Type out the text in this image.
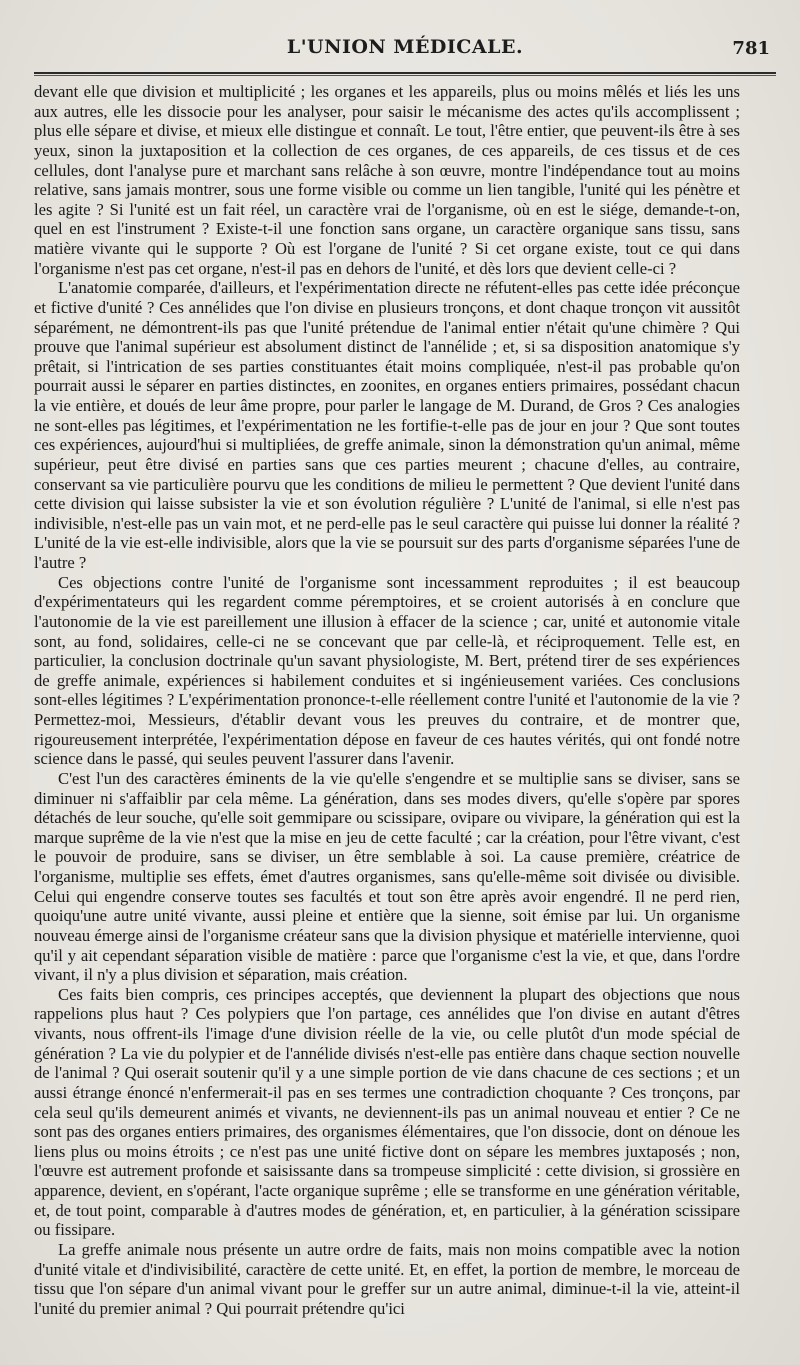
L'UNION MÉDICALE.	781

devant elle que division et multiplicité ; les organes et les appareils, plus ou moins mêlés et liés les uns aux autres, elle les dissocie pour les analyser, pour saisir le mécanisme des actes qu'ils accomplissent ; plus elle sépare et divise, et mieux elle distingue et connaît. Le tout, l'être entier, que peuvent-ils être à ses yeux, sinon la juxtaposition et la collection de ces organes, de ces appareils, de ces tissus et de ces cellules, dont l'analyse pure et marchant sans relâche à son œuvre, montre l'indépendance tout au moins relative, sans jamais montrer, sous une forme visible ou comme un lien tangible, l'unité qui les pénètre et les agite ? Si l'unité est un fait réel, un caractère vrai de l'organisme, où en est le siége, demande-t-on, quel en est l'instrument ? Existe-t-il une fonction sans organe, un caractère organique sans tissu, sans matière vivante qui le supporte ? Où est l'organe de l'unité ? Si cet organe existe, tout ce qui dans l'organisme n'est pas cet organe, n'est-il pas en dehors de l'unité, et dès lors que devient celle-ci ?

L'anatomie comparée, d'ailleurs, et l'expérimentation directe ne réfutent-elles pas cette idée préconçue et fictive d'unité ? Ces annélides que l'on divise en plusieurs tronçons, et dont chaque tronçon vit aussitôt séparément, ne démontrent-ils pas que l'unité prétendue de l'animal entier n'était qu'une chimère ? Qui prouve que l'animal supérieur est absolument distinct de l'annélide ; et, si sa disposition anatomique s'y prêtait, si l'intrication de ses parties constituantes était moins compliquée, n'est-il pas probable qu'on pourrait aussi le séparer en parties distinctes, en zoonites, en organes entiers primaires, possédant chacun la vie entière, et doués de leur âme propre, pour parler le langage de M. Durand, de Gros ? Ces analogies ne sont-elles pas légitimes, et l'expérimentation ne les fortifie-t-elle pas de jour en jour ? Que sont toutes ces expériences, aujourd'hui si multipliées, de greffe animale, sinon la démonstration qu'un animal, même supérieur, peut être divisé en parties sans que ces parties meurent ; chacune d'elles, au contraire, conservant sa vie particulière pourvu que les conditions de milieu le permettent ? Que devient l'unité dans cette division qui laisse subsister la vie et son évolution régulière ? L'unité de l'animal, si elle n'est pas indivisible, n'est-elle pas un vain mot, et ne perd-elle pas le seul caractère qui puisse lui donner la réalité ? L'unité de la vie est-elle indivisible, alors que la vie se poursuit sur des parts d'organisme séparées l'une de l'autre ?

Ces objections contre l'unité de l'organisme sont incessamment reproduites ; il est beaucoup d'expérimentateurs qui les regardent comme péremptoires, et se croient autorisés à en conclure que l'autonomie de la vie est pareillement une illusion à effacer de la science ; car, unité et autonomie vitale sont, au fond, solidaires, celle-ci ne se concevant que par celle-là, et réciproquement. Telle est, en particulier, la conclusion doctrinale qu'un savant physiologiste, M. Bert, prétend tirer de ses expériences de greffe animale, expériences si habilement conduites et si ingénieusement variées. Ces conclusions sont-elles légitimes ? L'expérimentation prononce-t-elle réellement contre l'unité et l'autonomie de la vie ? Permettez-moi, Messieurs, d'établir devant vous les preuves du contraire, et de montrer que, rigoureusement interprétée, l'expérimentation dépose en faveur de ces hautes vérités, qui ont fondé notre science dans le passé, qui seules peuvent l'assurer dans l'avenir.

C'est l'un des caractères éminents de la vie qu'elle s'engendre et se multiplie sans se diviser, sans se diminuer ni s'affaiblir par cela même. La génération, dans ses modes divers, qu'elle s'opère par spores détachés de leur souche, qu'elle soit gemmipare ou scissipare, ovipare ou vivipare, la génération qui est la marque suprême de la vie n'est que la mise en jeu de cette faculté ; car la création, pour l'être vivant, c'est le pouvoir de produire, sans se diviser, un être semblable à soi. La cause première, créatrice de l'organisme, multiplie ses effets, émet d'autres organismes, sans qu'elle-même soit divisée ou divisible. Celui qui engendre conserve toutes ses facultés et tout son être après avoir engendré. Il ne perd rien, quoiqu'une autre unité vivante, aussi pleine et entière que la sienne, soit émise par lui. Un organisme nouveau émerge ainsi de l'organisme créateur sans que la division physique et matérielle intervienne, quoi qu'il y ait cependant séparation visible de matière : parce que l'organisme c'est la vie, et que, dans l'ordre vivant, il n'y a plus division et séparation, mais création.

Ces faits bien compris, ces principes acceptés, que deviennent la plupart des objections que nous rappelions plus haut ? Ces polypiers que l'on partage, ces annélides que l'on divise en autant d'êtres vivants, nous offrent-ils l'image d'une division réelle de la vie, ou celle plutôt d'un mode spécial de génération ? La vie du polypier et de l'annélide divisés n'est-elle pas entière dans chaque section nouvelle de l'animal ? Qui oserait soutenir qu'il y a une simple portion de vie dans chacune de ces sections ; et un aussi étrange énoncé n'enfermerait-il pas en ses termes une contradiction choquante ? Ces tronçons, par cela seul qu'ils demeurent animés et vivants, ne deviennent-ils pas un animal nouveau et entier ? Ce ne sont pas des organes entiers primaires, des organismes élémentaires, que l'on dissocie, dont on dénoue les liens plus ou moins étroits ; ce n'est pas une unité fictive dont on sépare les membres juxtaposés ; non, l'œuvre est autrement profonde et saisissante dans sa trompeuse simplicité : cette division, si grossière en apparence, devient, en s'opérant, l'acte organique suprême ; elle se transforme en une génération véritable, et, de tout point, comparable à d'autres modes de génération, et, en particulier, à la génération scissipare ou fissipare.

La greffe animale nous présente un autre ordre de faits, mais non moins compatible avec la notion d'unité vitale et d'indivisibilité, caractère de cette unité. Et, en effet, la portion de membre, le morceau de tissu que l'on sépare d'un animal vivant pour le greffer sur un autre animal, diminue-t-il la vie, atteint-il l'unité du premier animal ? Qui pourrait prétendre qu'ici
